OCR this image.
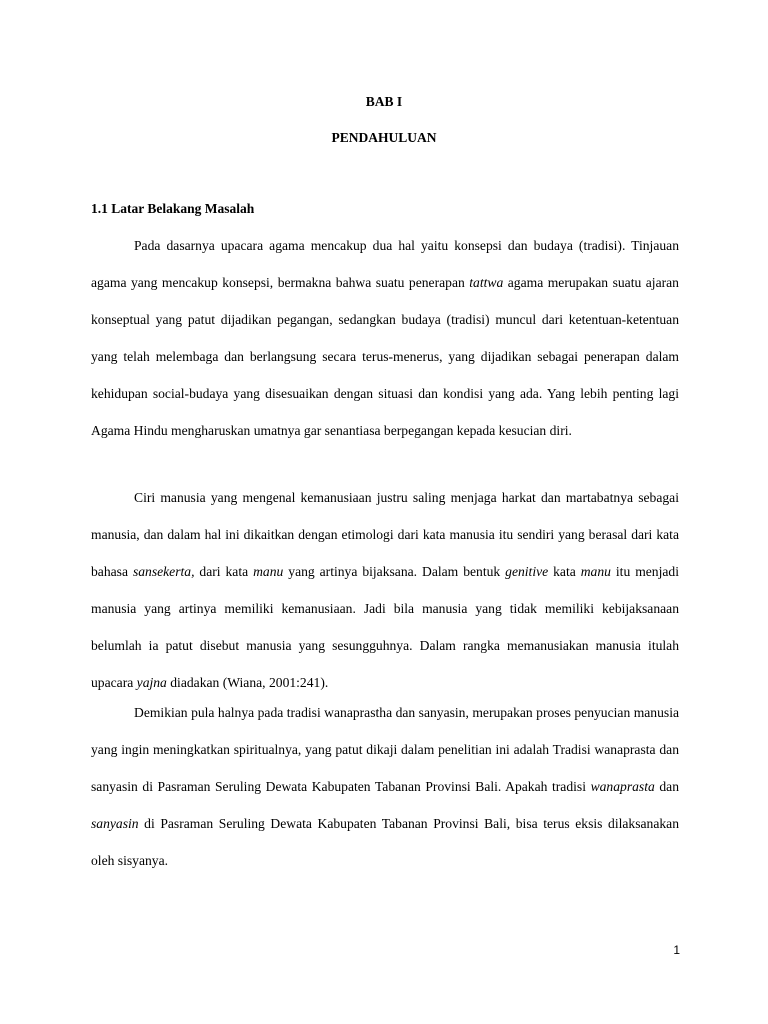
BAB I
PENDAHULUAN
1.1 Latar Belakang Masalah

Pada dasarnya upacara agama mencakup dua hal yaitu konsepsi dan budaya (tradisi). Tinjauan agama yang mencakup konsepsi, bermakna bahwa suatu penerapan tattwa agama merupakan suatu ajaran konseptual yang patut dijadikan pegangan, sedangkan budaya (tradisi) muncul dari ketentuan-ketentuan yang telah melembaga dan berlangsung secara terus-menerus, yang dijadikan sebagai penerapan dalam kehidupan social-budaya yang disesuaikan dengan situasi dan kondisi yang ada. Yang lebih penting lagi Agama Hindu mengharuskan umatnya gar senantiasa berpegangan kepada kesucian diri.

Ciri manusia yang mengenal kemanusiaan justru saling menjaga harkat dan martabatnya sebagai manusia, dan dalam hal ini dikaitkan dengan etimologi dari kata manusia itu sendiri yang berasal dari kata bahasa sansekerta, dari kata manu yang artinya bijaksana. Dalam bentuk genitive kata manu itu menjadi manusia yang artinya memiliki kemanusiaan. Jadi bila manusia yang tidak memiliki kebijaksanaan belumlah ia patut disebut manusia yang sesungguhnya. Dalam rangka memanusiakan manusia itulah upacara yajna diadakan (Wiana, 2001:241).

Demikian pula halnya pada tradisi wanaprastha dan sanyasin, merupakan proses penyucian manusia yang ingin meningkatkan spiritualnya, yang patut dikaji dalam penelitian ini adalah Tradisi wanaprasta dan sanyasin di Pasraman Seruling Dewata Kabupaten Tabanan Provinsi Bali. Apakah tradisi wanaprasta dan sanyasin di Pasraman Seruling Dewata Kabupaten Tabanan Provinsi Bali, bisa terus eksis dilaksanakan oleh sisyanya.

1
